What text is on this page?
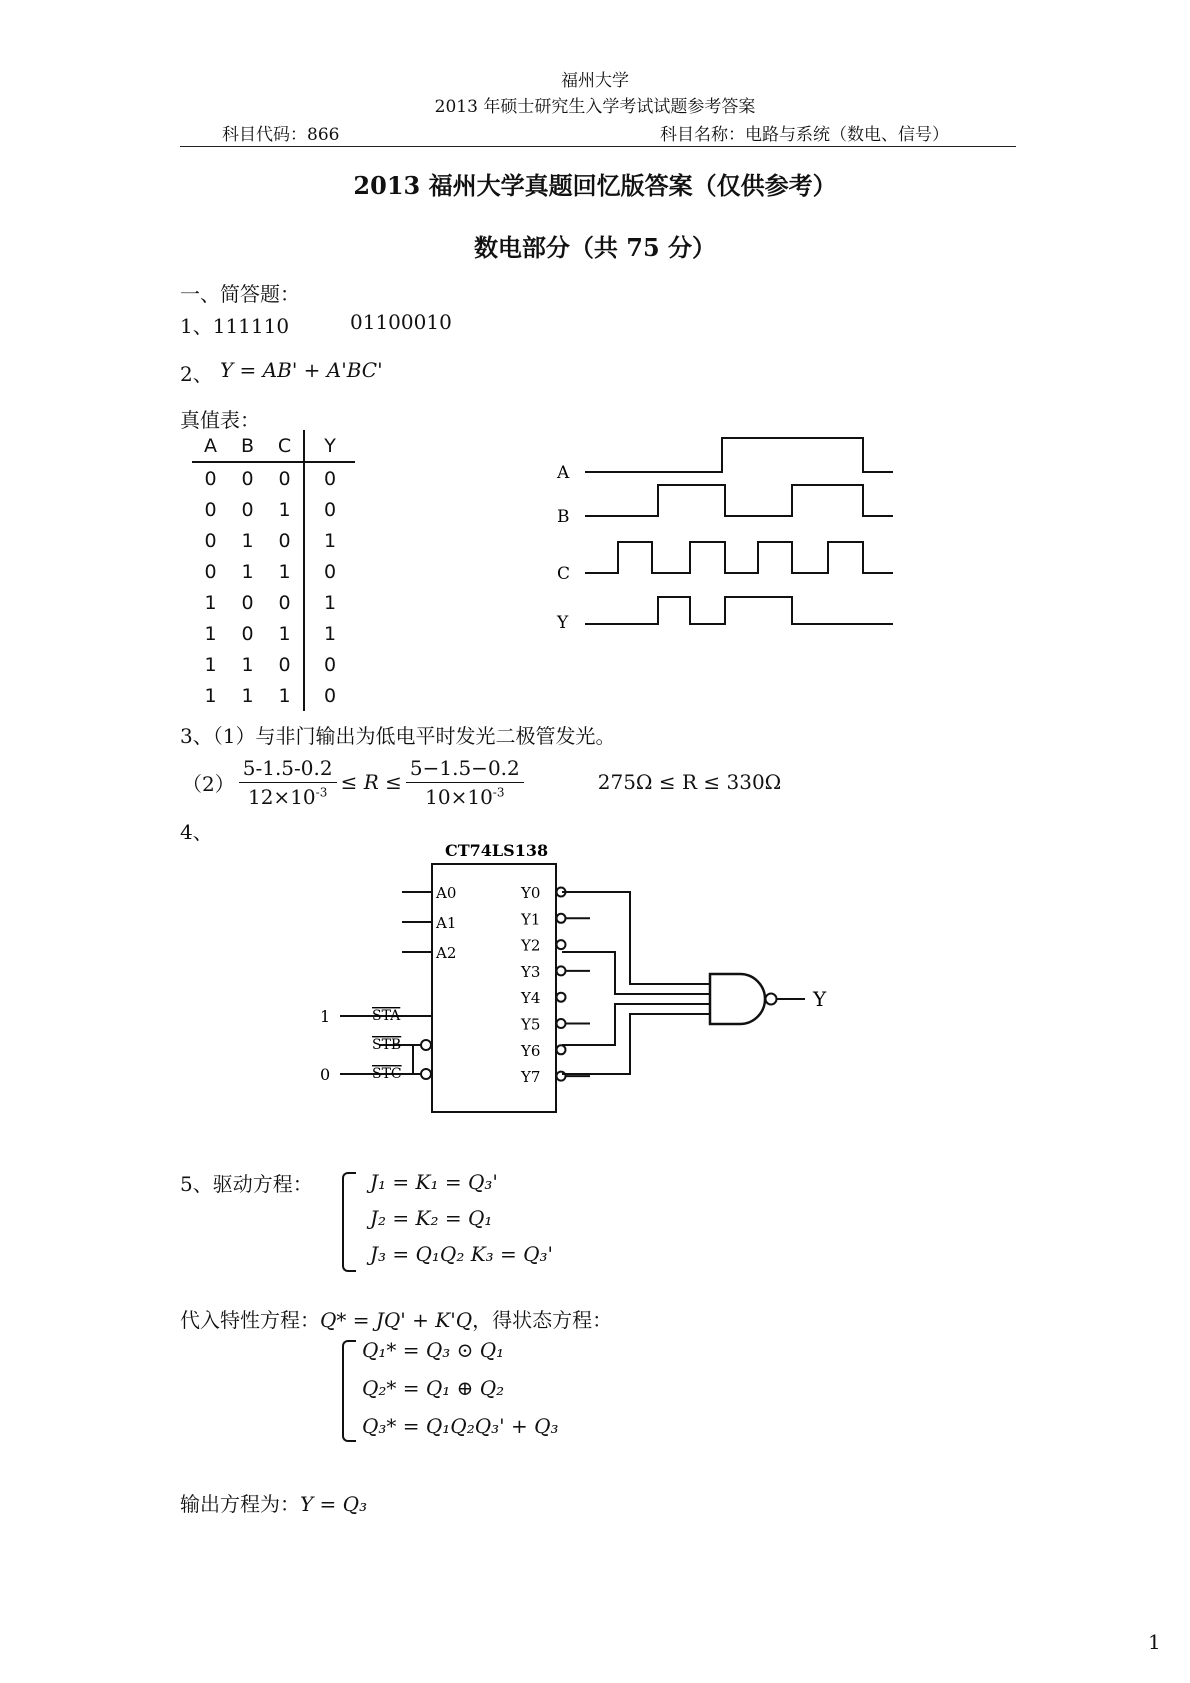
福州大学
2013 年硕士研究生入学考试试题参考答案
科目代码：866	科目名称：电路与系统（数电、信号）
2013 福州大学真题回忆版答案（仅供参考）
数电部分（共 75 分）
一、简答题：
1、111110	01100010
2、 Y = AB' + A'BC'
真值表：
A	B	C	Y
0	0	0	0
0	0	1	0
0	1	0	1
0	1	1	0
1	0	0	1
1	0	1	1
1	1	0	0
1	1	1	0
A
B
C
Y
3、（1）与非门输出为低电平时发光二极管发光。
$(2) \frac{5-1.5-0.2}{12\times 10^{-3}} \le R \le \frac{5-1.5-0.2}{10\times 10^{-3}}$	275Ω ≤ R ≤ 330Ω
4、
CT74LS138
A0
A1
A2
STA
STB
STC
1
0
Y0
Y1
Y2
Y3
Y4
Y5
Y6
Y7
Y
5、驱动方程：	J₁ = K₁ = Q₃'
J₂ = K₂ = Q₁
J₃ = Q₁Q₂ K₃ = Q₃'
代入特性方程：Q* = JQ' + K'Q，得状态方程：
Q₁* = Q₃ ⊙ Q₁
Q₂* = Q₁ ⊕ Q₂
Q₃* = Q₁Q₂Q₃' + Q₃
输出方程为：Y = Q₃
1
